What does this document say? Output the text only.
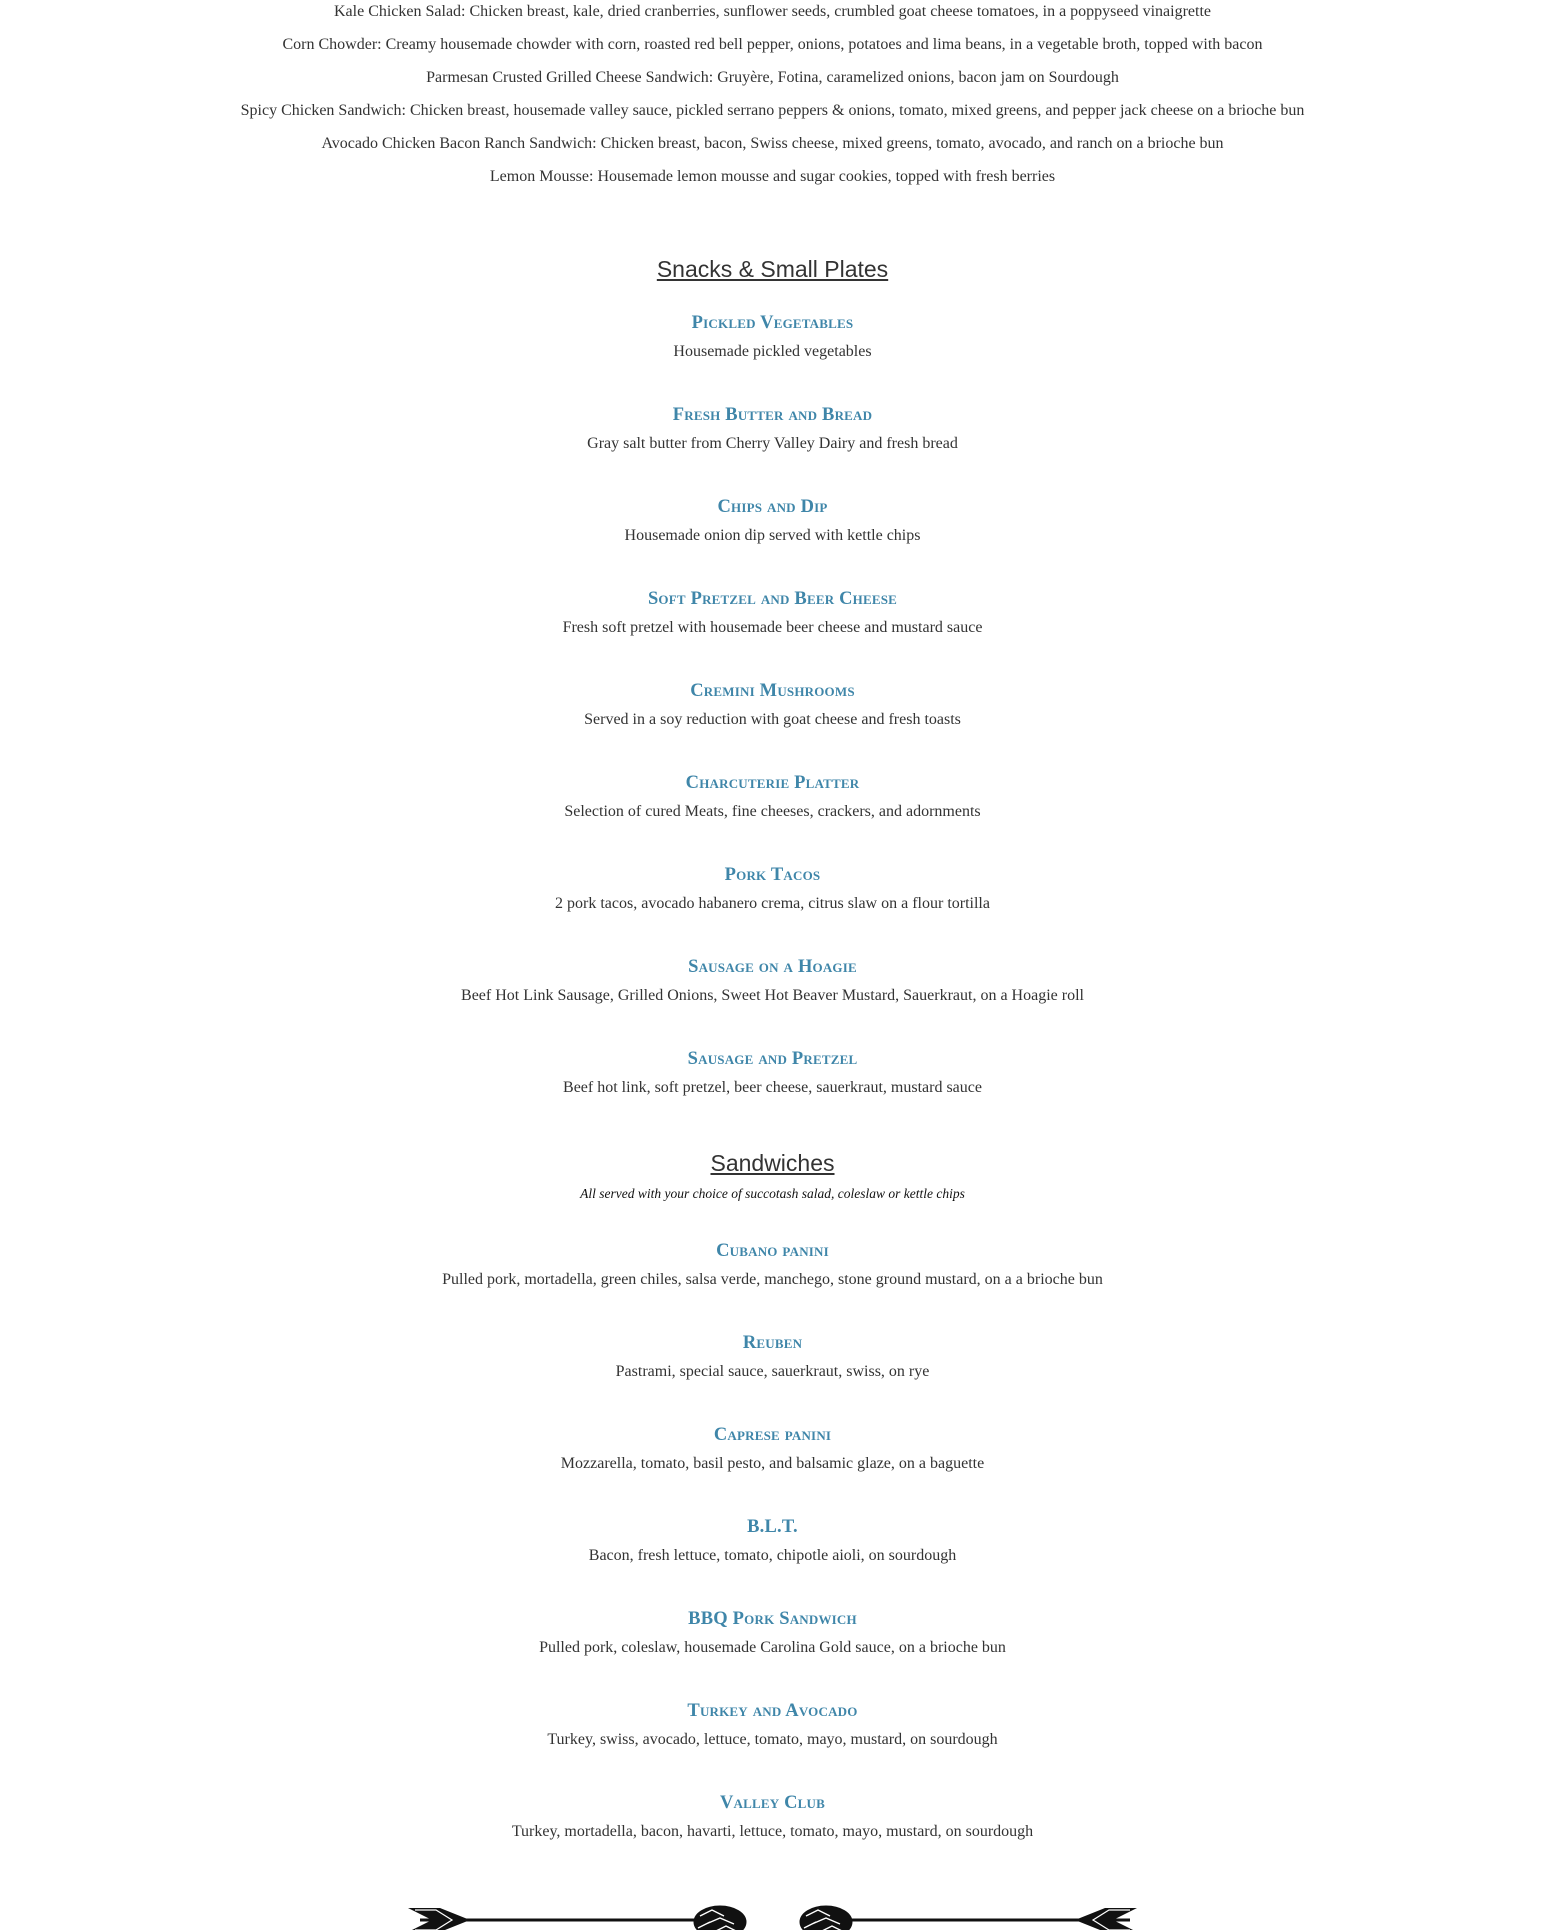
Kale Chicken Salad: Chicken breast, kale, dried cranberries, sunflower seeds, crumbled goat cheese tomatoes, in a poppyseed vinaigrette

Corn Chowder: Creamy housemade chowder with corn, roasted red bell pepper, onions, potatoes and lima beans, in a vegetable broth, topped with bacon

Parmesan Crusted Grilled Cheese Sandwich: Gruyère, Fotina, caramelized onions, bacon jam on Sourdough

Spicy Chicken Sandwich: Chicken breast, housemade valley sauce, pickled serrano peppers & onions, tomato, mixed greens, and pepper jack cheese on a brioche bun

Avocado Chicken Bacon Ranch Sandwich: Chicken breast, bacon, Swiss cheese, mixed greens, tomato, avocado, and ranch on a brioche bun

Lemon Mousse: Housemade lemon mousse and sugar cookies, topped with fresh berries

Snacks & Small Plates

Pickled Vegetables

Housemade pickled vegetables

Fresh Butter and Bread

Gray salt butter from Cherry Valley Dairy and fresh bread

Chips and Dip

Housemade onion dip served with kettle chips

Soft Pretzel and Beer Cheese

Fresh soft pretzel with housemade beer cheese and mustard sauce

Cremini Mushrooms

Served in a soy reduction with goat cheese and fresh toasts

Charcuterie Platter

Selection of cured Meats, fine cheeses, crackers, and adornments

Pork Tacos

2 pork tacos, avocado habanero crema, citrus slaw on a flour tortilla

Sausage on a Hoagie

Beef Hot Link Sausage, Grilled Onions, Sweet Hot Beaver Mustard, Sauerkraut, on a Hoagie roll

Sausage and Pretzel

Beef hot link, soft pretzel, beer cheese, sauerkraut, mustard sauce

Sandwiches

All served with your choice of succotash salad, coleslaw or kettle chips

Cubano panini

Pulled pork, mortadella, green chiles, salsa verde, manchego, stone ground mustard, on a a brioche bun

Reuben

Pastrami, special sauce, sauerkraut, swiss, on rye

Caprese panini

Mozzarella, tomato, basil pesto, and balsamic glaze, on a baguette

B.L.T.

Bacon, fresh lettuce, tomato, chipotle aioli, on sourdough

BBQ Pork Sandwich

Pulled pork, coleslaw, housemade Carolina Gold sauce, on a brioche bun

Turkey and Avocado

Turkey, swiss, avocado, lettuce, tomato, mayo, mustard, on sourdough

Valley Club

Turkey, mortadella, bacon, havarti, lettuce, tomato, mayo, mustard, on sourdough
